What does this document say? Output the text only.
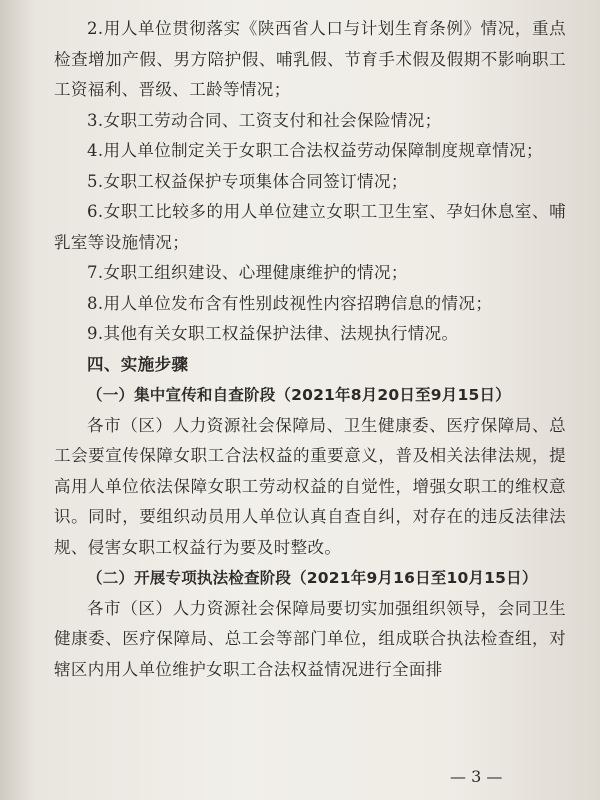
2.用人单位贯彻落实《陕西省人口与计划生育条例》情况，重点检查增加产假、男方陪护假、哺乳假、节育手术假及假期不影响职工工资福利、晋级、工龄等情况；

3.女职工劳动合同、工资支付和社会保险情况；

4.用人单位制定关于女职工合法权益劳动保障制度规章情况；

5.女职工权益保护专项集体合同签订情况；

6.女职工比较多的用人单位建立女职工卫生室、孕妇休息室、哺乳室等设施情况；

7.女职工组织建设、心理健康维护的情况；

8.用人单位发布含有性别歧视性内容招聘信息的情况；

9.其他有关女职工权益保护法律、法规执行情况。

四、实施步骤

（一）集中宣传和自查阶段（2021年8月20日至9月15日）

各市（区）人力资源社会保障局、卫生健康委、医疗保障局、总工会要宣传保障女职工合法权益的重要意义，普及相关法律法规，提高用人单位依法保障女职工劳动权益的自觉性，增强女职工的维权意识。同时，要组织动员用人单位认真自查自纠，对存在的违反法律法规、侵害女职工权益行为要及时整改。

（二）开展专项执法检查阶段（2021年9月16日至10月15日）

各市（区）人力资源社会保障局要切实加强组织领导，会同卫生健康委、医疗保障局、总工会等部门单位，组成联合执法检查组，对辖区内用人单位维护女职工合法权益情况进行全面排

— 3 —
